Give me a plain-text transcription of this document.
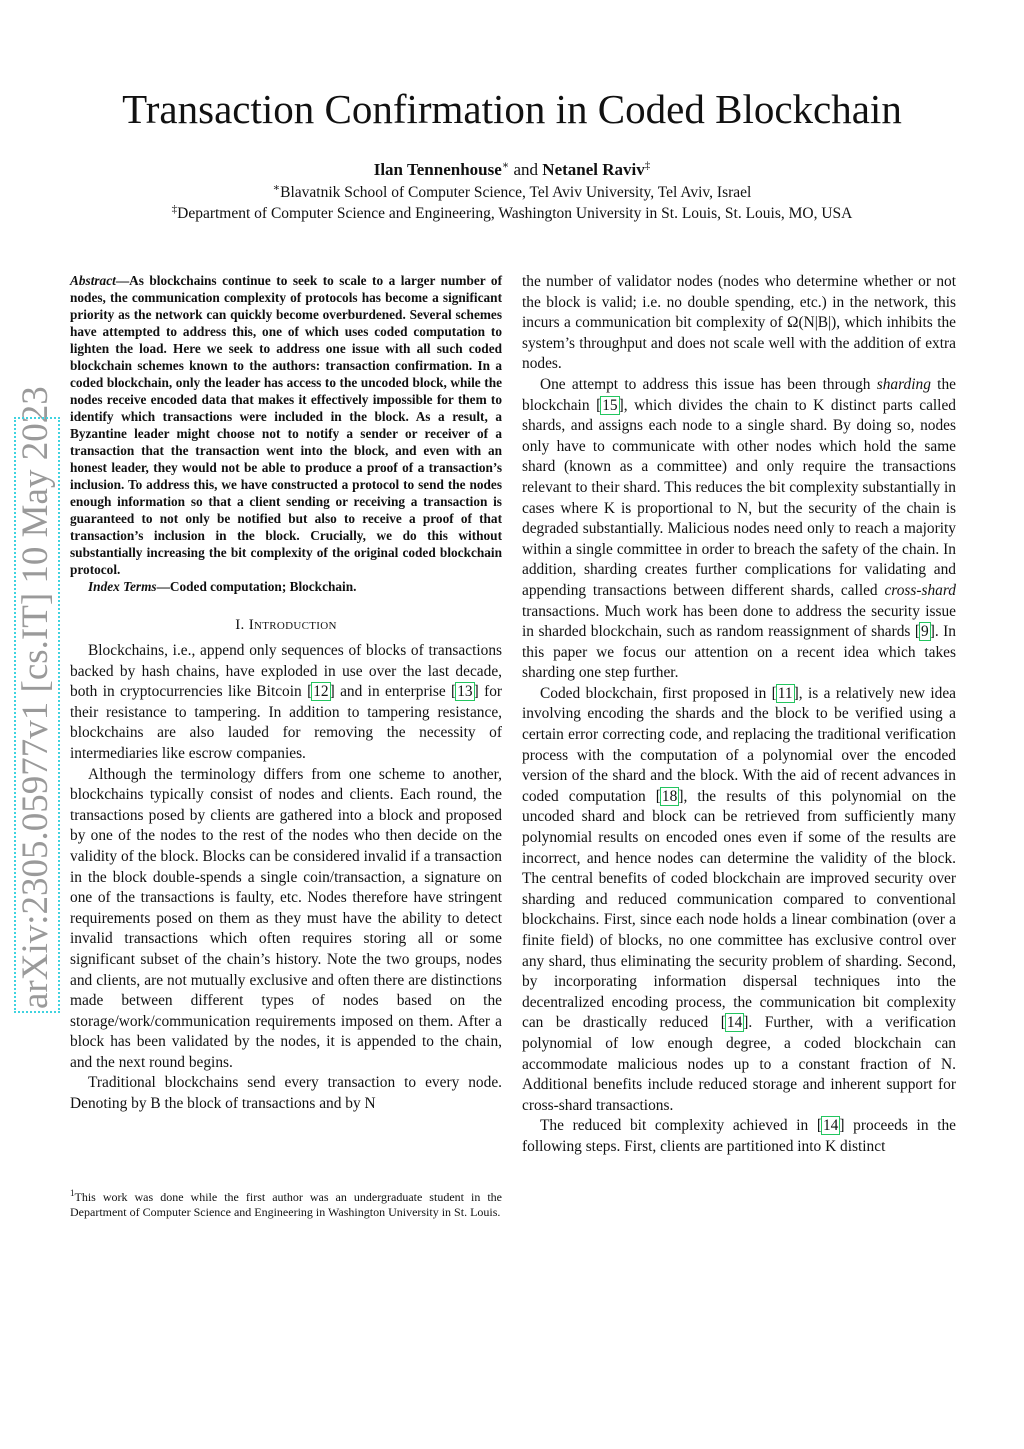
Transaction Confirmation in Coded Blockchain
Ilan Tennenhouse∗ and Netanel Raviv‡
∗Blavatnik School of Computer Science, Tel Aviv University, Tel Aviv, Israel
‡Department of Computer Science and Engineering, Washington University in St. Louis, St. Louis, MO, USA
arXiv:2305.05977v1 [cs.IT] 10 May 2023

Abstract—As blockchains continue to seek to scale to a larger number of nodes, the communication complexity of protocols has become a significant priority as the network can quickly become overburdened. Several schemes have attempted to address this, one of which uses coded computation to lighten the load. Here we seek to address one issue with all such coded blockchain schemes known to the authors: transaction confirmation. In a coded blockchain, only the leader has access to the uncoded block, while the nodes receive encoded data that makes it effectively impossible for them to identify which transactions were included in the block. As a result, a Byzantine leader might choose not to notify a sender or receiver of a transaction that the transaction went into the block, and even with an honest leader, they would not be able to produce a proof of a transaction’s inclusion. To address this, we have constructed a protocol to send the nodes enough information so that a client sending or receiving a transaction is guaranteed to not only be notified but also to receive a proof of that transaction’s inclusion in the block. Crucially, we do this without substantially increasing the bit complexity of the original coded blockchain protocol.

Index Terms—Coded computation; Blockchain.

I. Introduction

Blockchains, i.e., append only sequences of blocks of transactions backed by hash chains, have exploded in use over the last decade, both in cryptocurrencies like Bitcoin [12] and in enterprise [13] for their resistance to tampering. In addition to tampering resistance, blockchains are also lauded for removing the necessity of intermediaries like escrow companies.

Although the terminology differs from one scheme to another, blockchains typically consist of nodes and clients. Each round, the transactions posed by clients are gathered into a block and proposed by one of the nodes to the rest of the nodes who then decide on the validity of the block. Blocks can be considered invalid if a transaction in the block double-spends a single coin/transaction, a signature on one of the transactions is faulty, etc. Nodes therefore have stringent requirements posed on them as they must have the ability to detect invalid transactions which often requires storing all or some significant subset of the chain’s history. Note the two groups, nodes and clients, are not mutually exclusive and often there are distinctions made between different types of nodes based on the storage/work/communication requirements imposed on them. After a block has been validated by the nodes, it is appended to the chain, and the next round begins.

Traditional blockchains send every transaction to every node. Denoting by B the block of transactions and by N

$^1$This work was done while the first author was an undergraduate student in the Department of Computer Science and Engineering in Washington University in St. Louis.

the number of validator nodes (nodes who determine whether or not the block is valid; i.e. no double spending, etc.) in the network, this incurs a communication bit complexity of Ω(N|B|), which inhibits the system’s throughput and does not scale well with the addition of extra nodes.

One attempt to address this issue has been through sharding the blockchain [15], which divides the chain to K distinct parts called shards, and assigns each node to a single shard. By doing so, nodes only have to communicate with other nodes which hold the same shard (known as a committee) and only require the transactions relevant to their shard. This reduces the bit complexity substantially in cases where K is proportional to N, but the security of the chain is degraded substantially. Malicious nodes need only to reach a majority within a single committee in order to breach the safety of the chain. In addition, sharding creates further complications for validating and appending transactions between different shards, called cross-shard transactions. Much work has been done to address the security issue in sharded blockchain, such as random reassignment of shards [9]. In this paper we focus our attention on a recent idea which takes sharding one step further.

Coded blockchain, first proposed in [11], is a relatively new idea involving encoding the shards and the block to be verified using a certain error correcting code, and replacing the traditional verification process with the computation of a polynomial over the encoded version of the shard and the block. With the aid of recent advances in coded computation [18], the results of this polynomial on the uncoded shard and block can be retrieved from sufficiently many polynomial results on encoded ones even if some of the results are incorrect, and hence nodes can determine the validity of the block. The central benefits of coded blockchain are improved security over sharding and reduced communication compared to conventional blockchains. First, since each node holds a linear combination (over a finite field) of blocks, no one committee has exclusive control over any shard, thus eliminating the security problem of sharding. Second, by incorporating information dispersal techniques into the decentralized encoding process, the communication bit complexity can be drastically reduced [14]. Further, with a verification polynomial of low enough degree, a coded blockchain can accommodate malicious nodes up to a constant fraction of N. Additional benefits include reduced storage and inherent support for cross-shard transactions.

The reduced bit complexity achieved in [14] proceeds in the following steps. First, clients are partitioned into K distinct
